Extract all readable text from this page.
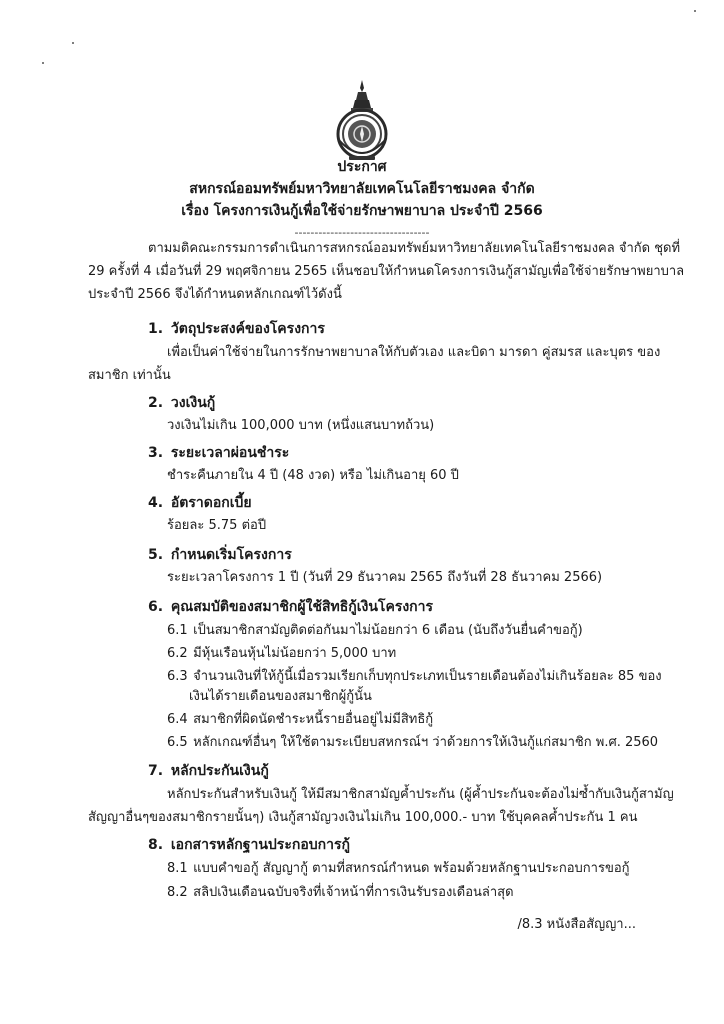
ประกาศ
สหกรณ์ออมทรัพย์มหาวิทยาลัยเทคโนโลยีราชมงคล จำกัด
เรื่อง โครงการเงินกู้เพื่อใช้จ่ายรักษาพยาบาล ประจำปี 2566
----------------------------------
ตามมติคณะกรรมการดำเนินการสหกรณ์ออมทรัพย์มหาวิทยาลัยเทคโนโลยีราชมงคล จำกัด ชุดที่
29 ครั้งที่ 4 เมื่อวันที่ 29 พฤศจิกายน 2565 เห็นชอบให้กำหนดโครงการเงินกู้สามัญเพื่อใช้จ่ายรักษาพยาบาล
ประจำปี 2566 จึงได้กำหนดหลักเกณฑ์ไว้ดังนี้
1. วัตถุประสงค์ของโครงการ
เพื่อเป็นค่าใช้จ่ายในการรักษาพยาบาลให้กับตัวเอง และบิดา มารดา คู่สมรส และบุตร ของ
สมาชิก เท่านั้น
2. วงเงินกู้
วงเงินไม่เกิน 100,000 บาท (หนึ่งแสนบาทถ้วน)
3. ระยะเวลาผ่อนชำระ
ชำระคืนภายใน 4 ปี (48 งวด) หรือ ไม่เกินอายุ 60 ปี
4. อัตราดอกเบี้ย
ร้อยละ 5.75 ต่อปี
5. กำหนดเริ่มโครงการ
ระยะเวลาโครงการ 1 ปี (วันที่ 29 ธันวาคม 2565 ถึงวันที่ 28 ธันวาคม 2566)
6. คุณสมบัติของสมาชิกผู้ใช้สิทธิกู้เงินโครงการ
6.1 เป็นสมาชิกสามัญติดต่อกันมาไม่น้อยกว่า 6 เดือน (นับถึงวันยื่นคำขอกู้)
6.2 มีหุ้นเรือนหุ้นไม่น้อยกว่า 5,000 บาท
6.3 จำนวนเงินที่ให้กู้นี้เมื่อรวมเรียกเก็บทุกประเภทเป็นรายเดือนต้องไม่เกินร้อยละ 85 ของ
เงินได้รายเดือนของสมาชิกผู้กู้นั้น
6.4 สมาชิกที่ผิดนัดชำระหนี้รายอื่นอยู่ไม่มีสิทธิกู้
6.5 หลักเกณฑ์อื่นๆ ให้ใช้ตามระเบียบสหกรณ์ฯ ว่าด้วยการให้เงินกู้แก่สมาชิก พ.ศ. 2560
7. หลักประกันเงินกู้
หลักประกันสำหรับเงินกู้ ให้มีสมาชิกสามัญค้ำประกัน (ผู้ค้ำประกันจะต้องไม่ซ้ำกับเงินกู้สามัญ
สัญญาอื่นๆของสมาชิกรายนั้นๆ) เงินกู้สามัญวงเงินไม่เกิน 100,000.- บาท ใช้บุคคลค้ำประกัน 1 คน
8. เอกสารหลักฐานประกอบการกู้
8.1 แบบคำขอกู้ สัญญากู้ ตามที่สหกรณ์กำหนด พร้อมด้วยหลักฐานประกอบการขอกู้
8.2 สลิปเงินเดือนฉบับจริงที่เจ้าหน้าที่การเงินรับรองเดือนล่าสุด
/8.3 หนังสือสัญญา...
